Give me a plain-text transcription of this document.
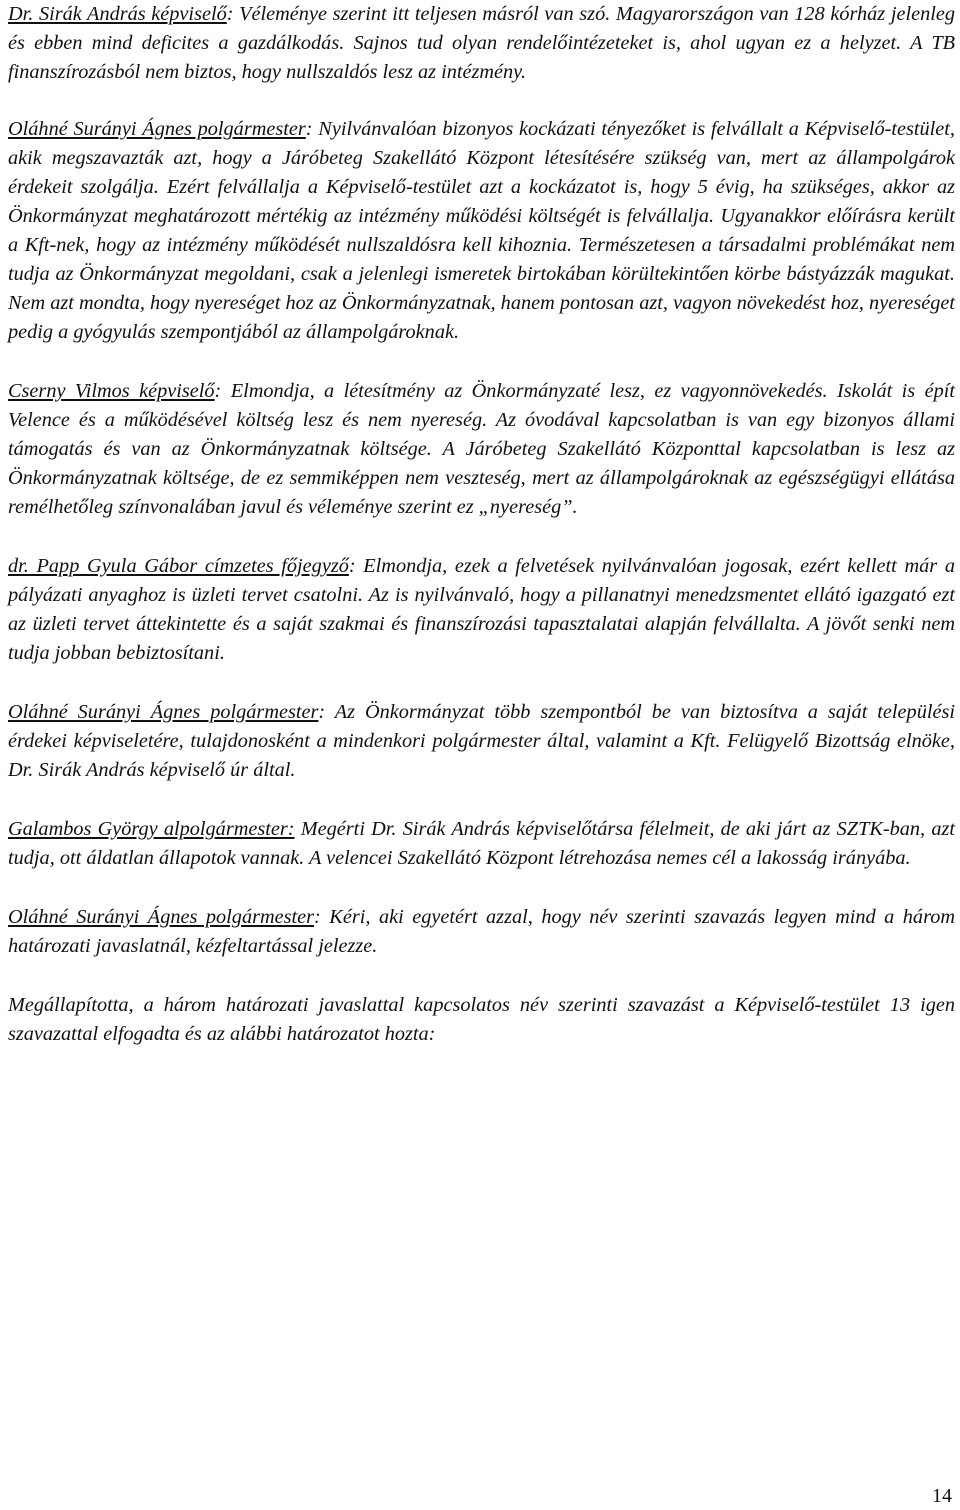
Dr. Sirák András képviselő: Véleménye szerint itt teljesen másról van szó. Magyarországon van 128 kórház jelenleg és ebben mind deficites a gazdálkodás. Sajnos tud olyan rendelőintézeteket is, ahol ugyan ez a helyzet. A TB finanszírozásból nem biztos, hogy nullszaldós lesz az intézmény.

Oláhné Surányi Ágnes polgármester: Nyilvánvalóan bizonyos kockázati tényezőket is felvállalt a Képviselő-testület, akik megszavazták azt, hogy a Járóbeteg Szakellátó Központ létesítésére szükség van, mert az állampolgárok érdekeit szolgálja. Ezért felvállalja a Képviselő-testület azt a kockázatot is, hogy 5 évig, ha szükséges, akkor az Önkormányzat meghatározott mértékig az intézmény működési költségét is felvállalja. Ugyanakkor előírásra került a Kft-nek, hogy az intézmény működését nullszaldósra kell kihoznia. Természetesen a társadalmi problémákat nem tudja az Önkormányzat megoldani, csak a jelenlegi ismeretek birtokában körültekintően körbe bástyázzák magukat. Nem azt mondta, hogy nyereséget hoz az Önkormányzatnak, hanem pontosan azt, vagyon növekedést hoz, nyereséget pedig a gyógyulás szempontjából az állampolgároknak.

Cserny Vilmos képviselő: Elmondja, a létesítmény az Önkormányzaté lesz, ez vagyonnövekedés. Iskolát is épít Velence és a működésével költség lesz és nem nyereség. Az óvodával kapcsolatban is van egy bizonyos állami támogatás és van az Önkormányzatnak költsége. A Járóbeteg Szakellátó Központtal kapcsolatban is lesz az Önkormányzatnak költsége, de ez semmiképpen nem veszteség, mert az állampolgároknak az egészségügyi ellátása remélhetőleg színvonalában javul és véleménye szerint ez „nyereség”.

dr. Papp Gyula Gábor címzetes főjegyző: Elmondja, ezek a felvetések nyilvánvalóan jogosak, ezért kellett már a pályázati anyaghoz is üzleti tervet csatolni. Az is nyilvánvaló, hogy a pillanatnyi menedzsmentet ellátó igazgató ezt az üzleti tervet áttekintette és a saját szakmai és finanszírozási tapasztalatai alapján felvállalta. A jövőt senki nem tudja jobban bebiztosítani.

Oláhné Surányi Ágnes polgármester: Az Önkormányzat több szempontból be van biztosítva a saját települési érdekei képviseletére, tulajdonosként a mindenkori polgármester által, valamint a Kft. Felügyelő Bizottság elnöke, Dr. Sirák András képviselő úr által.

Galambos György alpolgármester: Megérti Dr. Sirák András képviselőtársa félelmeit, de aki járt az SZTK-ban, azt tudja, ott áldatlan állapotok vannak. A velencei Szakellátó Központ létrehozása nemes cél a lakosság irányába.

Oláhné Surányi Ágnes polgármester: Kéri, aki egyetért azzal, hogy név szerinti szavazás legyen mind a három határozati javaslatnál, kézfeltartással jelezze.

Megállapította, a három határozati javaslattal kapcsolatos név szerinti szavazást a Képviselő-testület 13 igen szavazattal elfogadta és az alábbi határozatot hozta:

14
